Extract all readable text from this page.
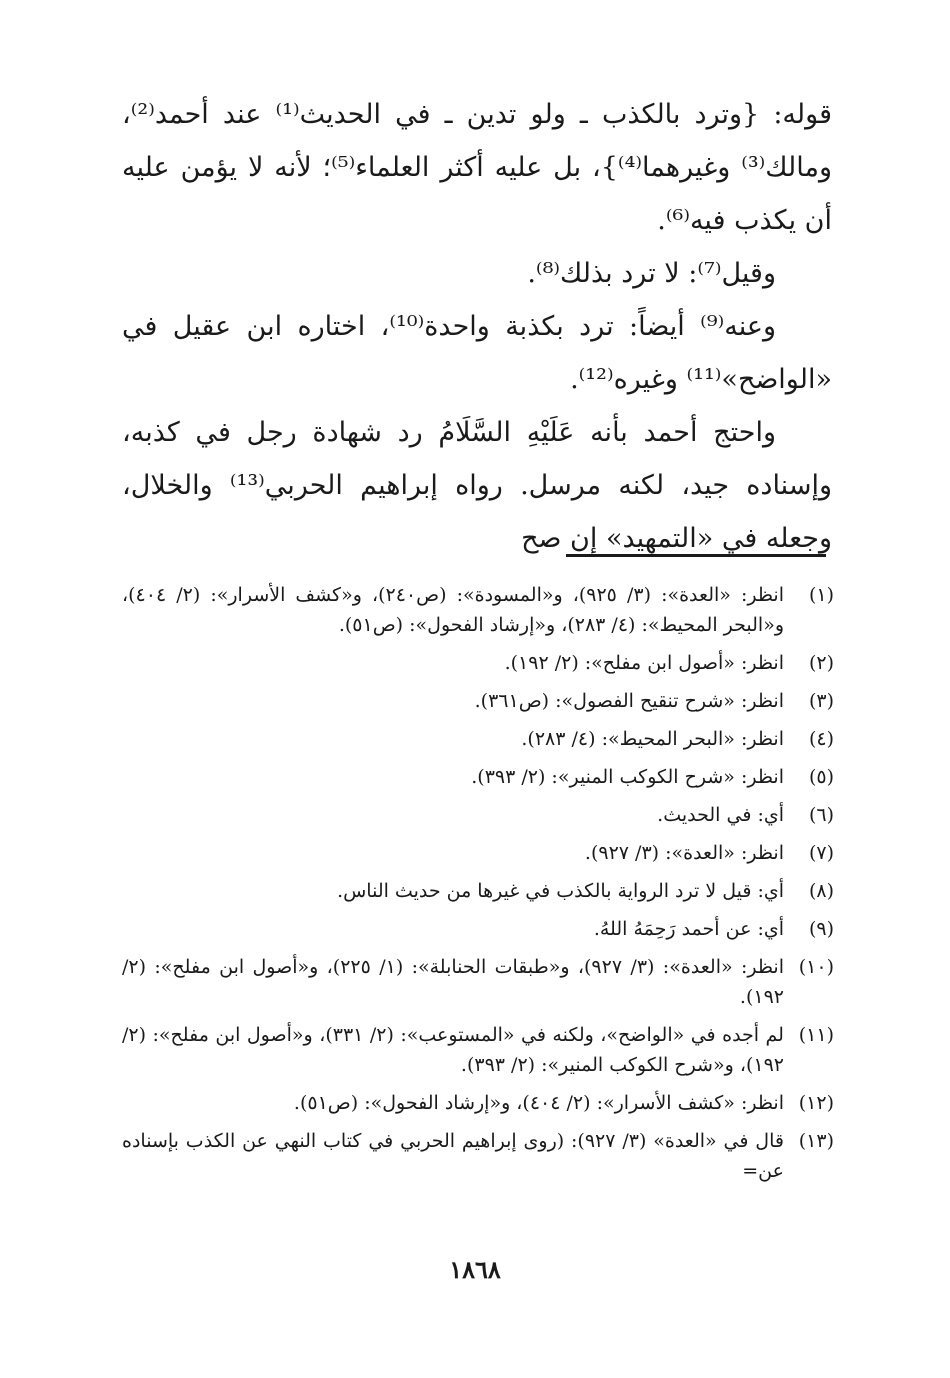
قوله: {وترد بالكذب ـ ولو تدين ـ في الحديث⁽¹⁾ عند أحمد⁽²⁾، ومالك⁽³⁾ وغيرهما⁽⁴⁾}، بل عليه أكثر العلماء⁽⁵⁾؛ لأنه لا يؤمن عليه أن يكذب فيه⁽⁶⁾.

وقيل⁽⁷⁾: لا ترد بذلك⁽⁸⁾.

وعنه⁽⁹⁾ أيضاً: ترد بكذبة واحدة⁽¹⁰⁾، اختاره ابن عقيل في «الواضح»⁽¹¹⁾ وغيره⁽¹²⁾.

واحتج أحمد بأنه عَلَيْهِ السَّلَامُ رد شهادة رجل في كذبه، وإسناده جيد، لكنه مرسل. رواه إبراهيم الحربي⁽¹³⁾ والخلال، وجعله في «التمهيد» إن صح

(١)
انظر: «العدة»: (٣/ ٩٢٥)، و«المسودة»: (ص٢٤٠)، و«كشف الأسرار»: (٢/ ٤٠٤)، و«البحر المحيط»: (٤/ ٢٨٣)، و«إرشاد الفحول»: (ص٥١).
(٢)
انظر: «أصول ابن مفلح»: (٢/ ١٩٢).
(٣)
انظر: «شرح تنقيح الفصول»: (ص٣٦١).
(٤)
انظر: «البحر المحيط»: (٤/ ٢٨٣).
(٥)
انظر: «شرح الكوكب المنير»: (٢/ ٣٩٣).
(٦)
أي: في الحديث.
(٧)
انظر: «العدة»: (٣/ ٩٢٧).
(٨)
أي: قيل لا ترد الرواية بالكذب في غيرها من حديث الناس.
(٩)
أي: عن أحمد رَحِمَهُ اللهُ.
(١٠)
انظر: «العدة»: (٣/ ٩٢٧)، و«طبقات الحنابلة»: (١/ ٢٢٥)، و«أصول ابن مفلح»: (٢/ ١٩٢).
(١١)
لم أجده في «الواضح»، ولكنه في «المستوعب»: (٢/ ٣٣١)، و«أصول ابن مفلح»: (٢/ ١٩٢)، و«شرح الكوكب المنير»: (٢/ ٣٩٣).
(١٢)
انظر: «كشف الأسرار»: (٢/ ٤٠٤)، و«إرشاد الفحول»: (ص٥١).
(١٣)
قال في «العدة» (٣/ ٩٢٧): (روى إبراهيم الحربي في كتاب النهي عن الكذب بإسناده عن=
١٨٦٨
